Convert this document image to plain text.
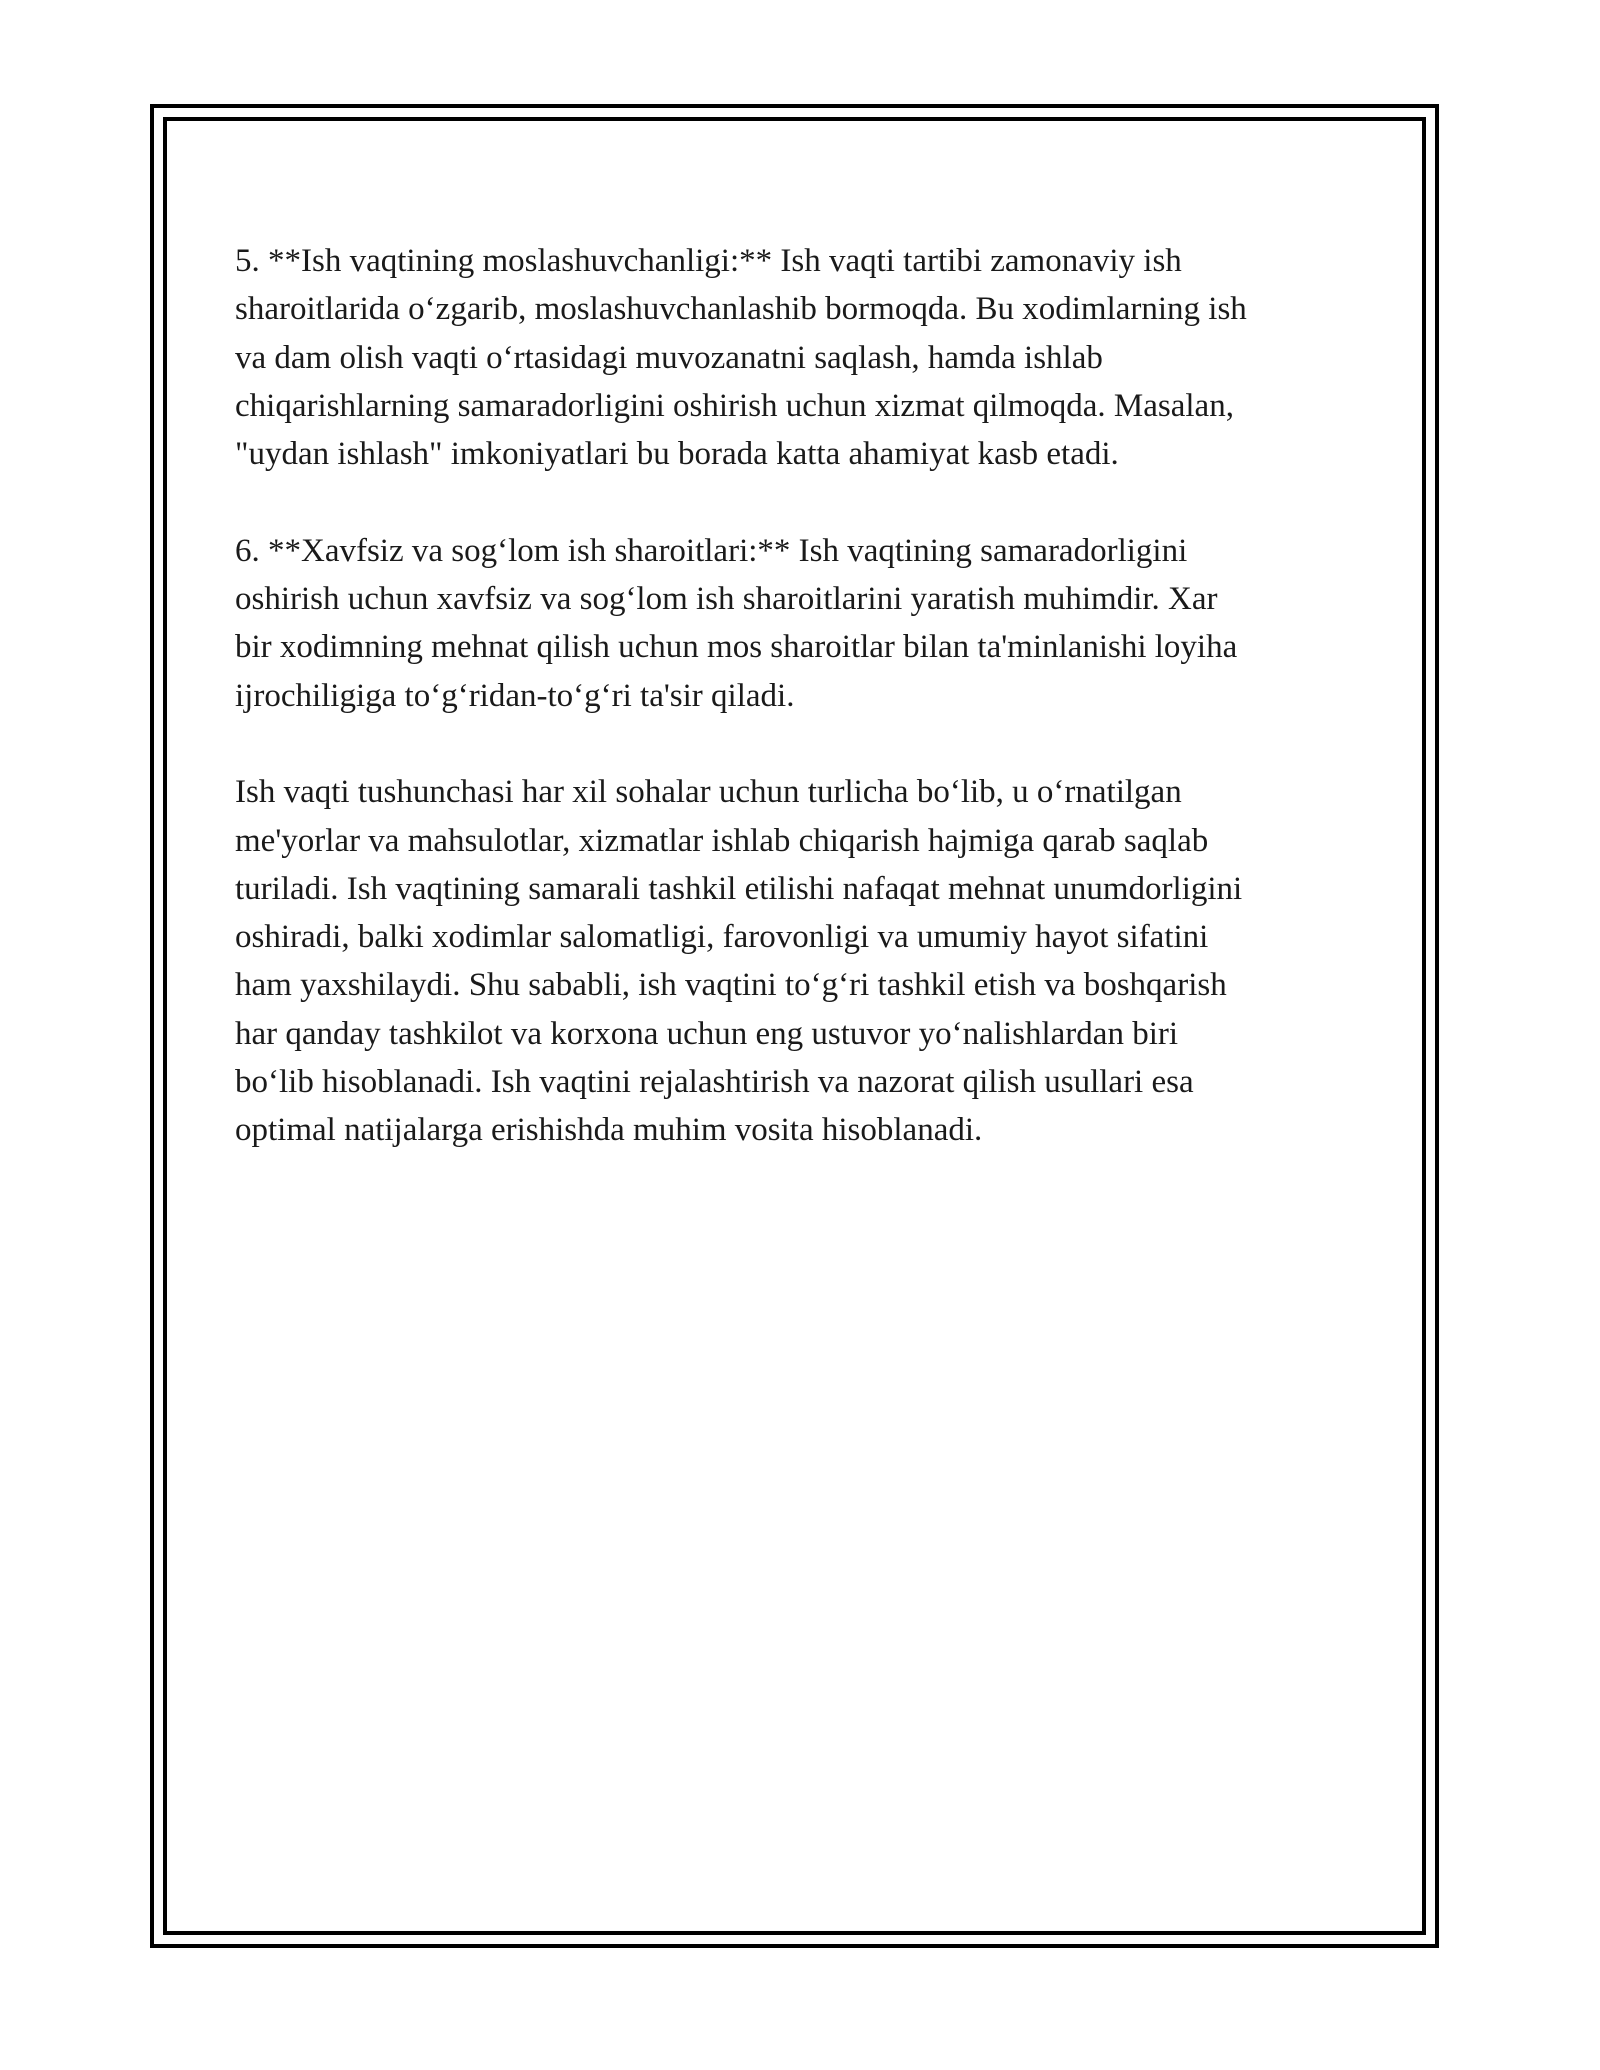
5. **Ish vaqtining moslashuvchanligi:** Ish vaqti tartibi zamonaviy ish
sharoitlarida o‘zgarib, moslashuvchanlashib bormoqda. Bu xodimlarning ish
va dam olish vaqti o‘rtasidagi muvozanatni saqlash, hamda ishlab
chiqarishlarning samaradorligini oshirish uchun xizmat qilmoqda. Masalan,
"uydan ishlash" imkoniyatlari bu borada katta ahamiyat kasb etadi.

6. **Xavfsiz va sog‘lom ish sharoitlari:** Ish vaqtining samaradorligini
oshirish uchun xavfsiz va sog‘lom ish sharoitlarini yaratish muhimdir. Xar
bir xodimning mehnat qilish uchun mos sharoitlar bilan ta'minlanishi loyiha
ijrochiligiga to‘g‘ridan-to‘g‘ri ta'sir qiladi.

Ish vaqti tushunchasi har xil sohalar uchun turlicha bo‘lib, u o‘rnatilgan
me'yorlar va mahsulotlar, xizmatlar ishlab chiqarish hajmiga qarab saqlab
turiladi. Ish vaqtining samarali tashkil etilishi nafaqat mehnat unumdorligini
oshiradi, balki xodimlar salomatligi, farovonligi va umumiy hayot sifatini
ham yaxshilaydi. Shu sababli, ish vaqtini to‘g‘ri tashkil etish va boshqarish
har qanday tashkilot va korxona uchun eng ustuvor yo‘nalishlardan biri
bo‘lib hisoblanadi. Ish vaqtini rejalashtirish va nazorat qilish usullari esa
optimal natijalarga erishishda muhim vosita hisoblanadi.
